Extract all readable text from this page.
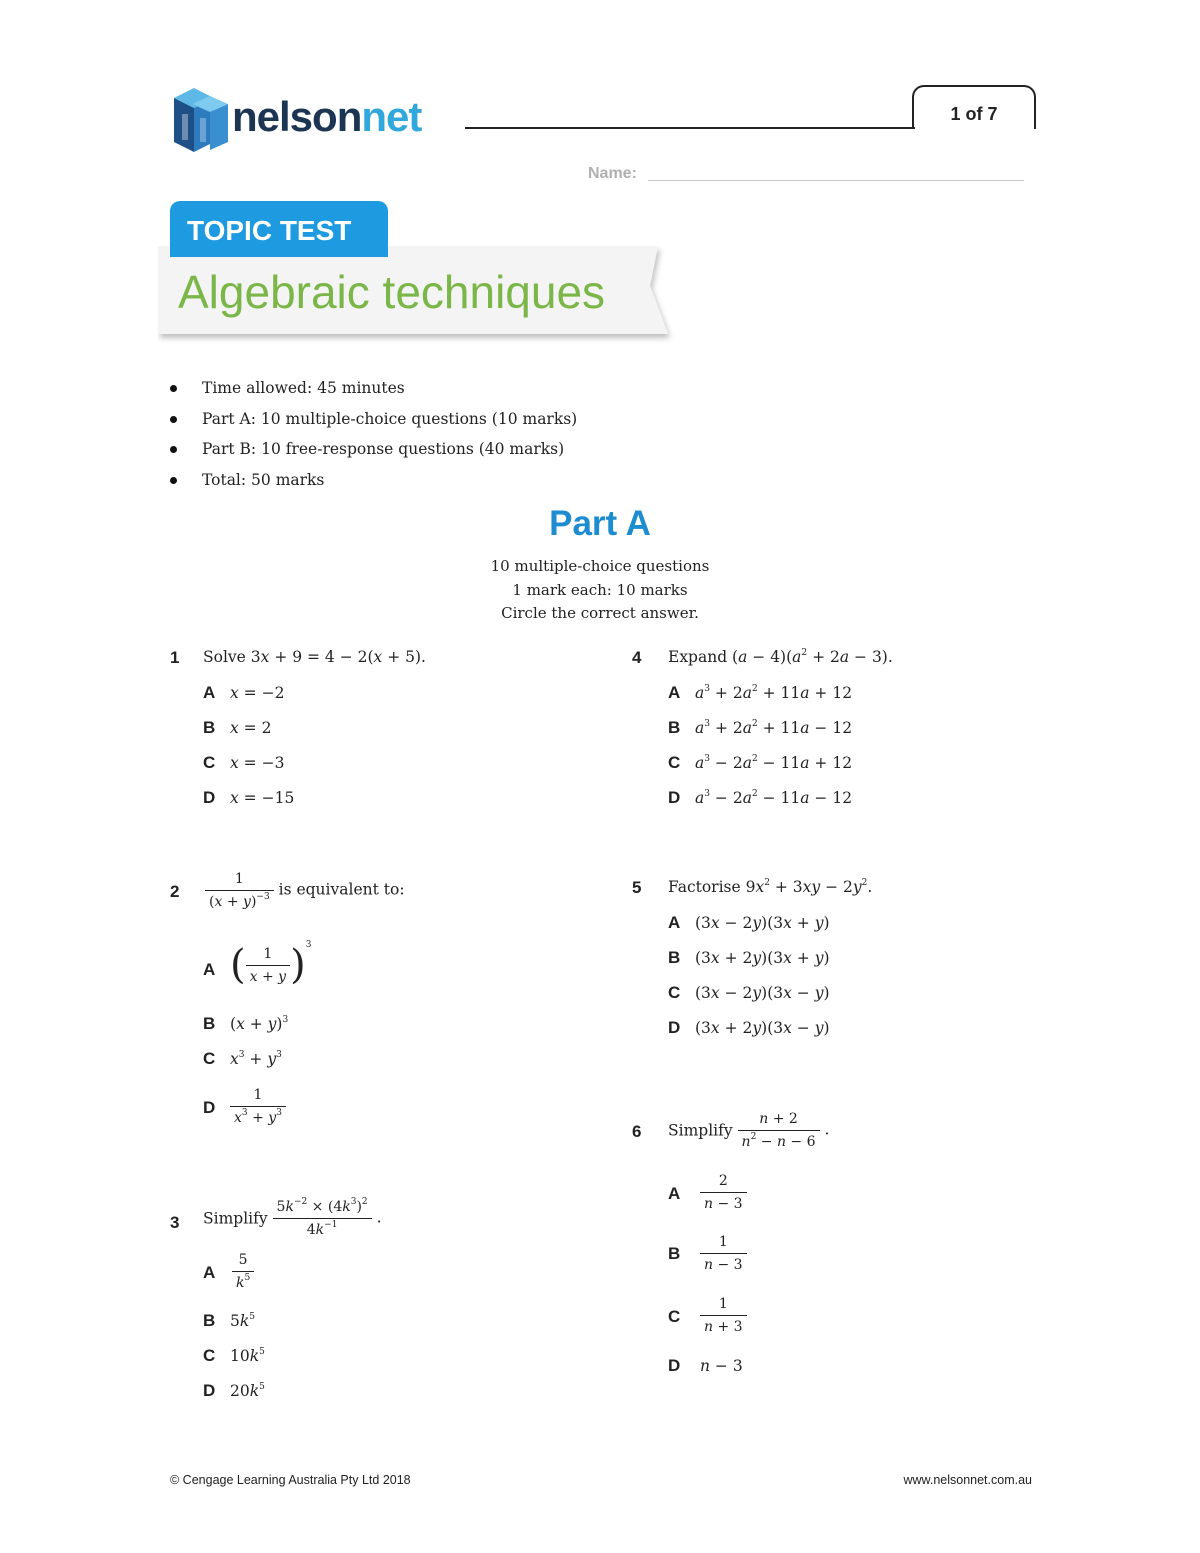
nelsonnet	1 of 7
Name:
TOPIC TEST
Algebraic techniques
Time allowed: 45 minutes
Part A: 10 multiple-choice questions (10 marks)
Part B: 10 free-response questions (40 marks)
Total: 50 marks
Part A
10 multiple-choice questions
1 mark each: 10 marks
Circle the correct answer.
1 Solve 3x + 9 = 4 − 2(x + 5).
A x = −2
B x = 2
C x = −3
D x = −15
$2 \frac{1}{(x + y)^{-3}}$ is equivalent to:
A ( $\frac{1}{x + y} )^3$
B $(x + y)^3$
C $x^3 + y^3$
D $\frac{1}{x^3 + y^3}$
3 Simplify $\frac{5k^{-2} \times (4k^3)^2}{4k^{-1}}$ .
A $\frac{5}{k^5}$
B $5k^5$
C $10k^5$
D $20k^5$
4 Expand $(a - 4)(a^2 + 2a - 3)$.
A $a^3 + 2a^2 + 11a + 12$
B $a^3 + 2a^2 + 11a - 12$
C $a^3 - 2a^2 - 11a + 12$
D $a^3 - 2a^2 - 11a - 12$
5 Factorise $9x^2 + 3xy - 2y^2$.
A (3x − 2y)(3x + y)
B (3x + 2y)(3x + y)
C (3x − 2y)(3x − y)
D (3x + 2y)(3x − y)
6 Simplify $\frac{n + 2}{n^2 - n - 6}$ .
A $\frac{2}{n - 3}$
B $\frac{1}{n - 3}$
C $\frac{1}{n + 3}$
D n − 3
© Cengage Learning Australia Pty Ltd 2018	www.nelsonnet.com.au
